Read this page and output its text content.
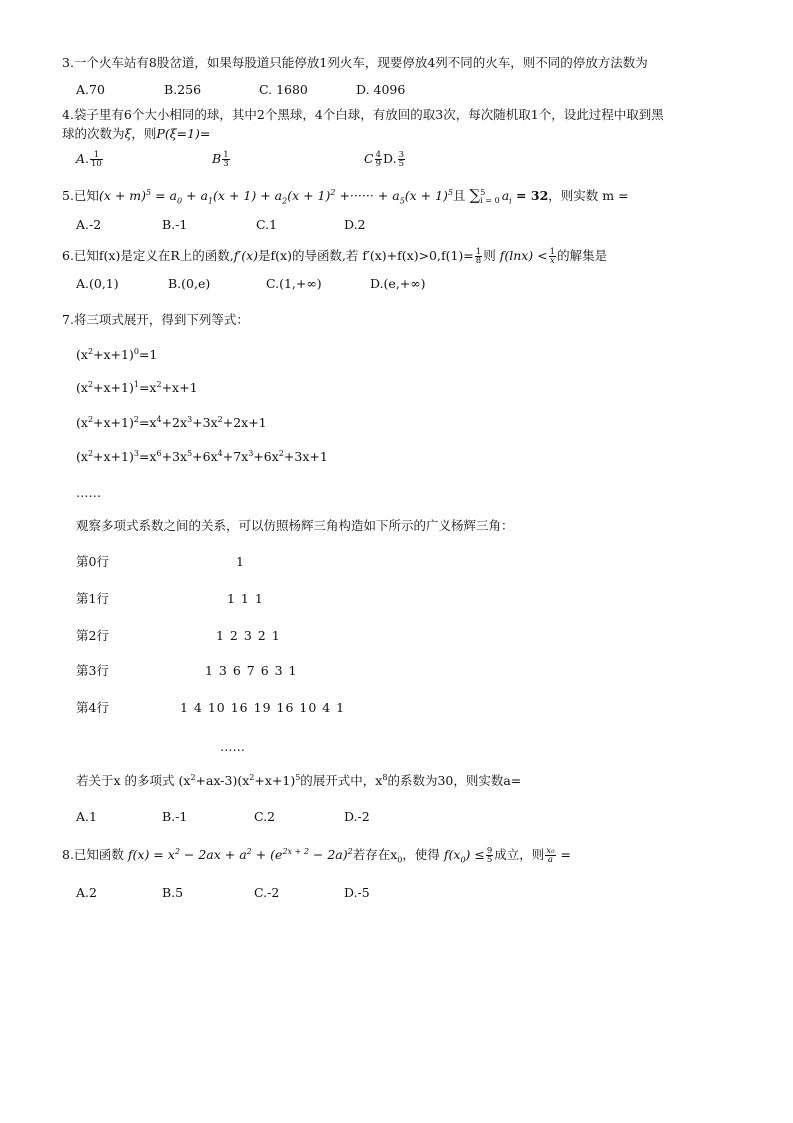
3.一个火车站有8股岔道，如果每股道只能停放1列火车，现要停放4列不同的火车，则不同的停放方法数为
A.70	B.256	C. 1680	D. 4096
4.袋子里有6个大小相同的球，其中2个黑球，4个白球，有放回的取3次，每次随机取1个，设此过程中取到黑
球的次数为ξ，则P(ξ=1)=
A. $\frac{1}{10}$	B $\frac{1}{3}$	C $\frac{4}{9} D$. $\frac{3}{5}$
5.已知$(x + m)^5 = a_0 + a_1(x + 1) + a_2(x + 1)^2$ +······ + $a_5(x + 1)^5$且 ∑ 5
i = 0 $a_i = 32$，则实数 m =
A.-2	B.-1	C.1	D.2
6.已知f(x)是定义在R上的函数,f′(x)是f(x)的导函数,若 $f'(x)+f(x)>0,f(1)= \frac{1}{8}$ 则 $f(\ln x) < \frac{1}{x}$ 的解集是
A.(0,1)	B.(0,e)	C.(1,+∞)	D.(e,+∞)
7.将三项式展开，得到下列等式：
$(x^2+x+1)^0=1$
$(x^2+x+1)^1=x^2+x+1$
$(x^2+x+1)^2=x^4+2x^3+3x^2+2x+1$
$(x^2+x+1)^3=x^6+3x^5+6x^4+7x^3+6x^2+3x+1$
……
观察多项式系数之间的关系，可以仿照杨辉三角构造如下所示的广义杨辉三角：
第0行	1
第1行	1 1 1
第2行	1 2 3 2 1
第3行	1 3 6 7 6 3 1
第4行	1 4 10 16 19 16 10 4 1
……
若关于x 的多项式 $(x^2+ax-3)(x^2+x+1)^5$的展开式中，$x^8$的系数为30，则实数a=
A.1	B.-1	C.2	D.-2
8.已知函数 $f(x) = x^2 - 2ax + a^2 + (e^{2x + 2} - 2a)^2$若存在$x_0$，使得 $f(x_0) \le \frac{9}{5}$ 成立，则 $\frac{\text{x₀}}{a}$ =
A.2	B.5	C.-2	D.-5
